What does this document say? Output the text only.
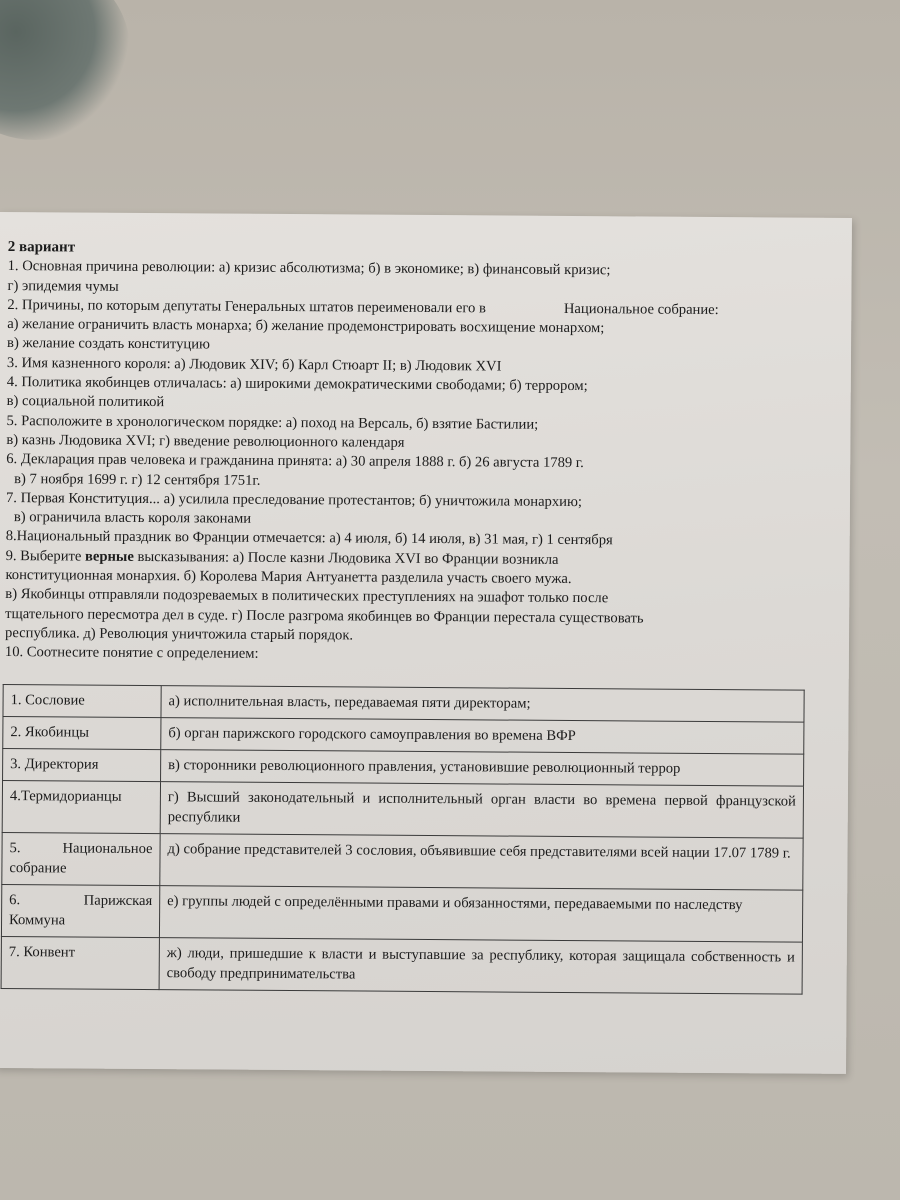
2 вариант
1. Основная причина революции: а) кризис абсолютизма; б) в экономике; в) финансовый кризис;
г) эпидемия чумы
2. Причины, по которым депутаты Генеральных штатов переименовали его в	Национальное собрание:
а) желание ограничить власть монарха; б) желание продемонстрировать восхищение монархом;
в) желание создать конституцию
3. Имя казненного короля: а) Людовик XIV; б) Карл Стюарт II; в) Людовик XVI
4. Политика якобинцев отличалась: а) широкими демократическими свободами; б) террором;
в) социальной политикой
5. Расположите в хронологическом порядке: а) поход на Версаль, б) взятие Бастилии;
в) казнь Людовика XVI; г) введение революционного календаря
6. Декларация прав человека и гражданина принята: а) 30 апреля 1888 г. б) 26 августа 1789 г.
в) 7 ноября 1699 г. г) 12 сентября 1751г.
7. Первая Конституция... а) усилила преследование протестантов; б) уничтожила монархию;
в) ограничила власть короля законами
8.Национальный праздник во Франции отмечается: а) 4 июля, б) 14 июля, в) 31 мая, г) 1 сентября
9. Выберите верные высказывания: а) После казни Людовика XVI во Франции возникла
конституционная монархия. б) Королева Мария Антуанетта разделила участь своего мужа.
в) Якобинцы отправляли подозреваемых в политических преступлениях на эшафот только после
тщательного пересмотра дел в суде. г) После разгрома якобинцев во Франции перестала существовать
республика. д) Революция уничтожила старый порядок.
10. Соотнесите понятие с определением:
1. Сословие	а) исполнительная власть, передаваемая пяти директорам;
2. Якобинцы	б) орган парижского городского самоуправления во времена ВФР
3. Директория	в) сторонники революционного правления, установившие революционный террор
4.Термидорианцы	г) Высший законодательный и исполнительный орган власти во времена первой французской республики

5. Национальное
собрание	д) собрание представителей 3 сословия, объявившие себя представителями всей нации 17.07 1789 г.

6. Парижская
Коммуна	е) группы людей с определёнными правами и обязанностями, передаваемыми по наследству
7. Конвент	ж) люди, пришедшие к власти и выступавшие за республику, которая защищала собственность и свободу предпринимательства
